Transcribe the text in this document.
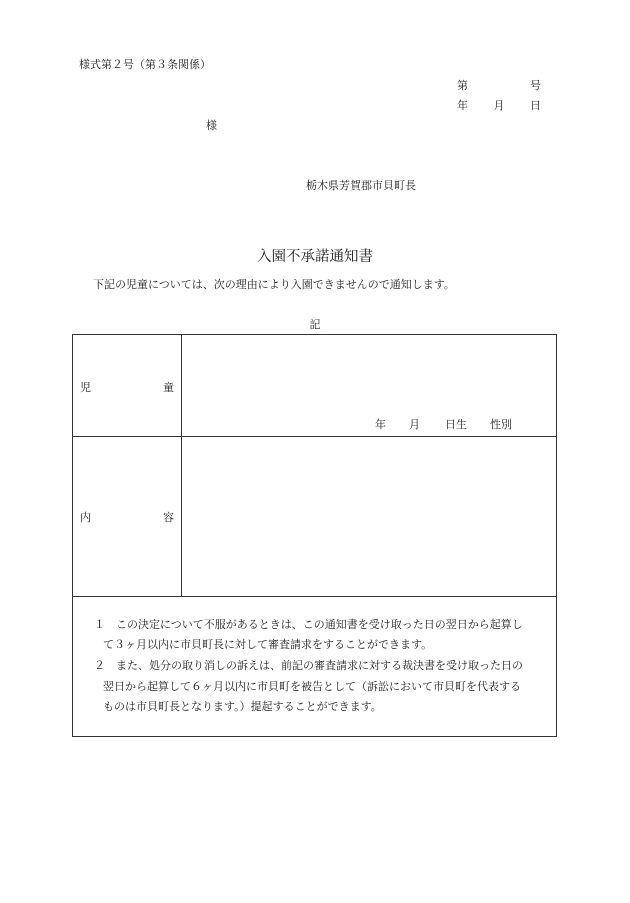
様式第２号（第３条関係）
第	号
年 月 日
様
栃木県芳賀郡市貝町長
入園不承諾通知書
下記の児童については、次の理由により入園できませんので通知します。
記
児	童
年 月 日生 性別
内	容
１　この決定について不服があるときは、この通知書を受け取った日の翌日から起算し
て３ヶ月以内に市貝町長に対して審査請求をすることができます。
２　また、処分の取り消しの訴えは、前記の審査請求に対する裁決書を受け取った日の
翌日から起算して６ヶ月以内に市貝町を被告として（訴訟において市貝町を代表する
ものは市貝町長となります。）提起することができます。
